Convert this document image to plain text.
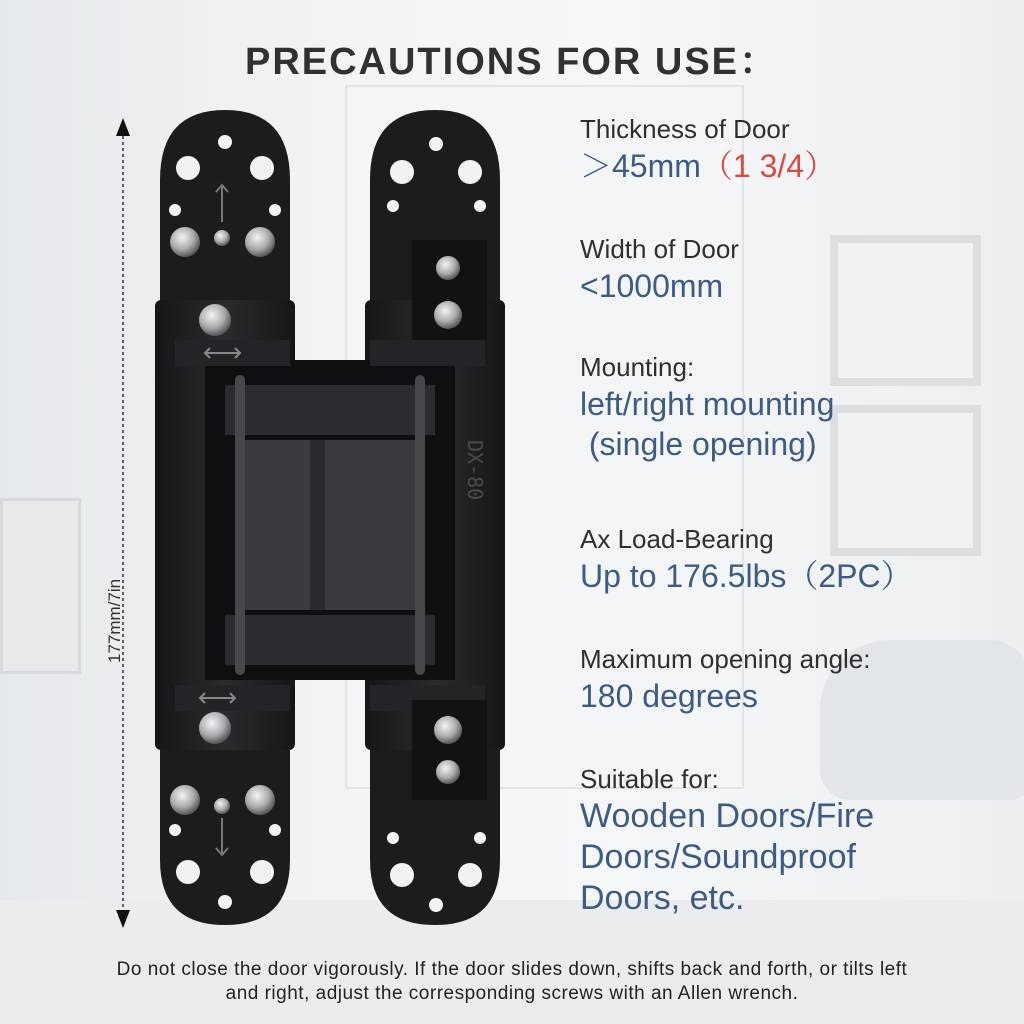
PRECAUTIONS FOR USE：
177mm/7in
DX-80
Thickness of Door
＞45mm（1 3/4）
Width of Door
<1000mm
Mounting:
left/right mounting
(single opening)
Ax Load-Bearing
Up to 176.5lbs（2PC）
Maximum opening angle:
180 degrees
Suitable for:
Wooden Doors/Fire
Doors/Soundproof
Doors, etc.
Do not close the door vigorously. If the door slides down, shifts back and forth, or tilts left
and right, adjust the corresponding screws with an Allen wrench.
